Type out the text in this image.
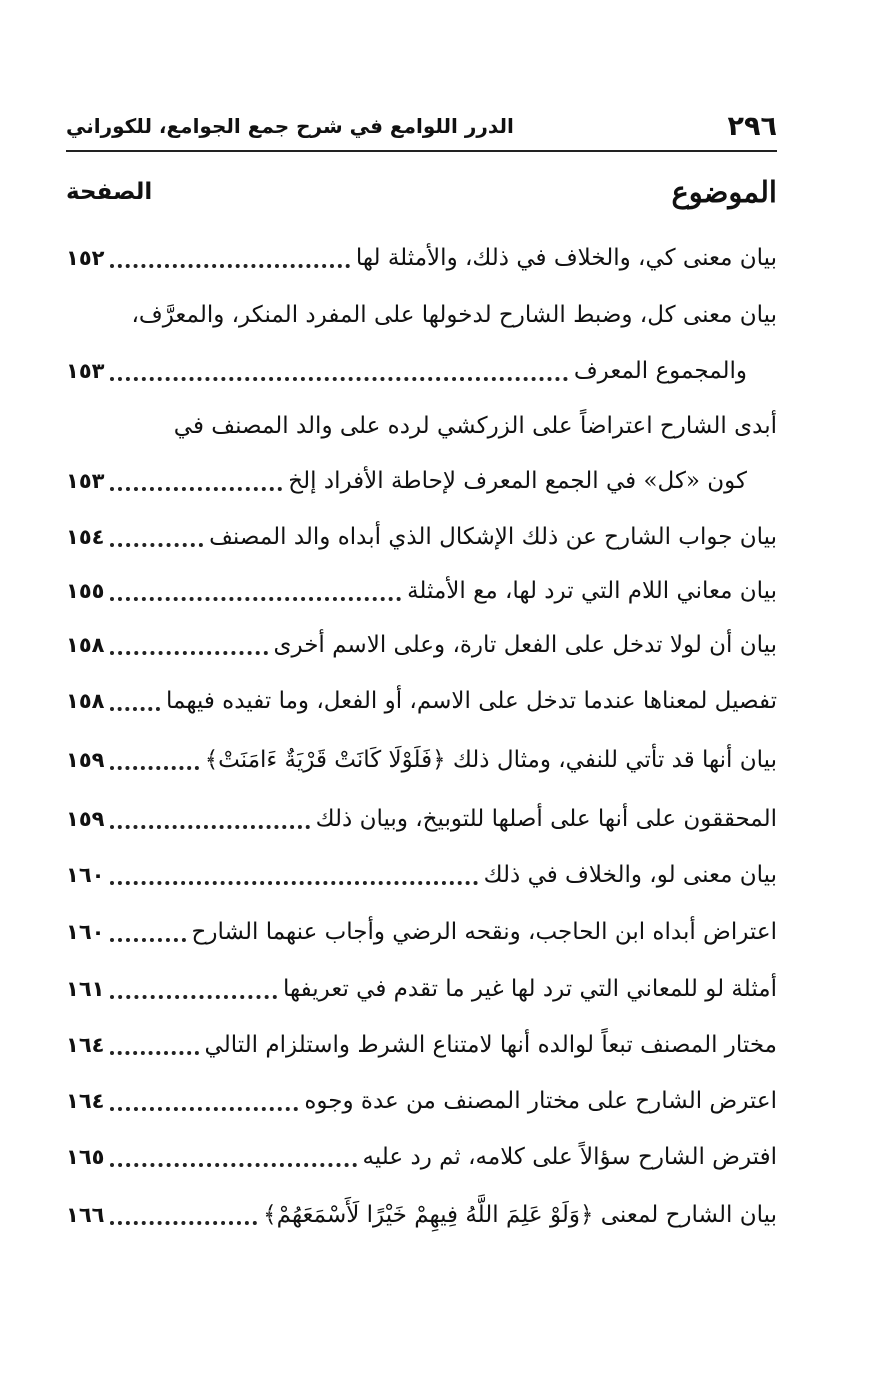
٢٩٦
الدرر اللوامع في شرح جمع الجوامع، للكوراني
الموضوع
الصفحة
بيان معنى كي، والخلاف في ذلك، والأمثلة لها
١٥٢
بيان معنى كل، وضبط الشارح لدخولها على المفرد المنكر، والمعرَّف،
والمجموع المعرف
١٥٣
أبدى الشارح اعتراضاً على الزركشي لرده على والد المصنف في
كون «كل» في الجمع المعرف لإحاطة الأفراد إلخ
١٥٣
بيان جواب الشارح عن ذلك الإشكال الذي أبداه والد المصنف
١٥٤
بيان معاني اللام التي ترد لها، مع الأمثلة
١٥٥
بيان أن لولا تدخل على الفعل تارة، وعلى الاسم أخرى
١٥٨
تفصيل لمعناها عندما تدخل على الاسم، أو الفعل، وما تفيده فيهما
١٥٨
بيان أنها قد تأتي للنفي، ومثال ذلك ﴿فَلَوْلَا كَانَتْ قَرْيَةٌ ءَامَنَتْ﴾
١٥٩
المحققون على أنها على أصلها للتوبيخ، وبيان ذلك
١٥٩
بيان معنى لو، والخلاف في ذلك
١٦٠
اعتراض أبداه ابن الحاجب، ونقحه الرضي وأجاب عنهما الشارح
١٦٠
أمثلة لو للمعاني التي ترد لها غير ما تقدم في تعريفها
١٦١
مختار المصنف تبعاً لوالده أنها لامتناع الشرط واستلزام التالي
١٦٤
اعترض الشارح على مختار المصنف من عدة وجوه
١٦٤
افترض الشارح سؤالاً على كلامه، ثم رد عليه
١٦٥
بيان الشارح لمعنى ﴿وَلَوْ عَلِمَ اللَّهُ فِيهِمْ خَيْرًا لَأَسْمَعَهُمْ﴾
١٦٦
